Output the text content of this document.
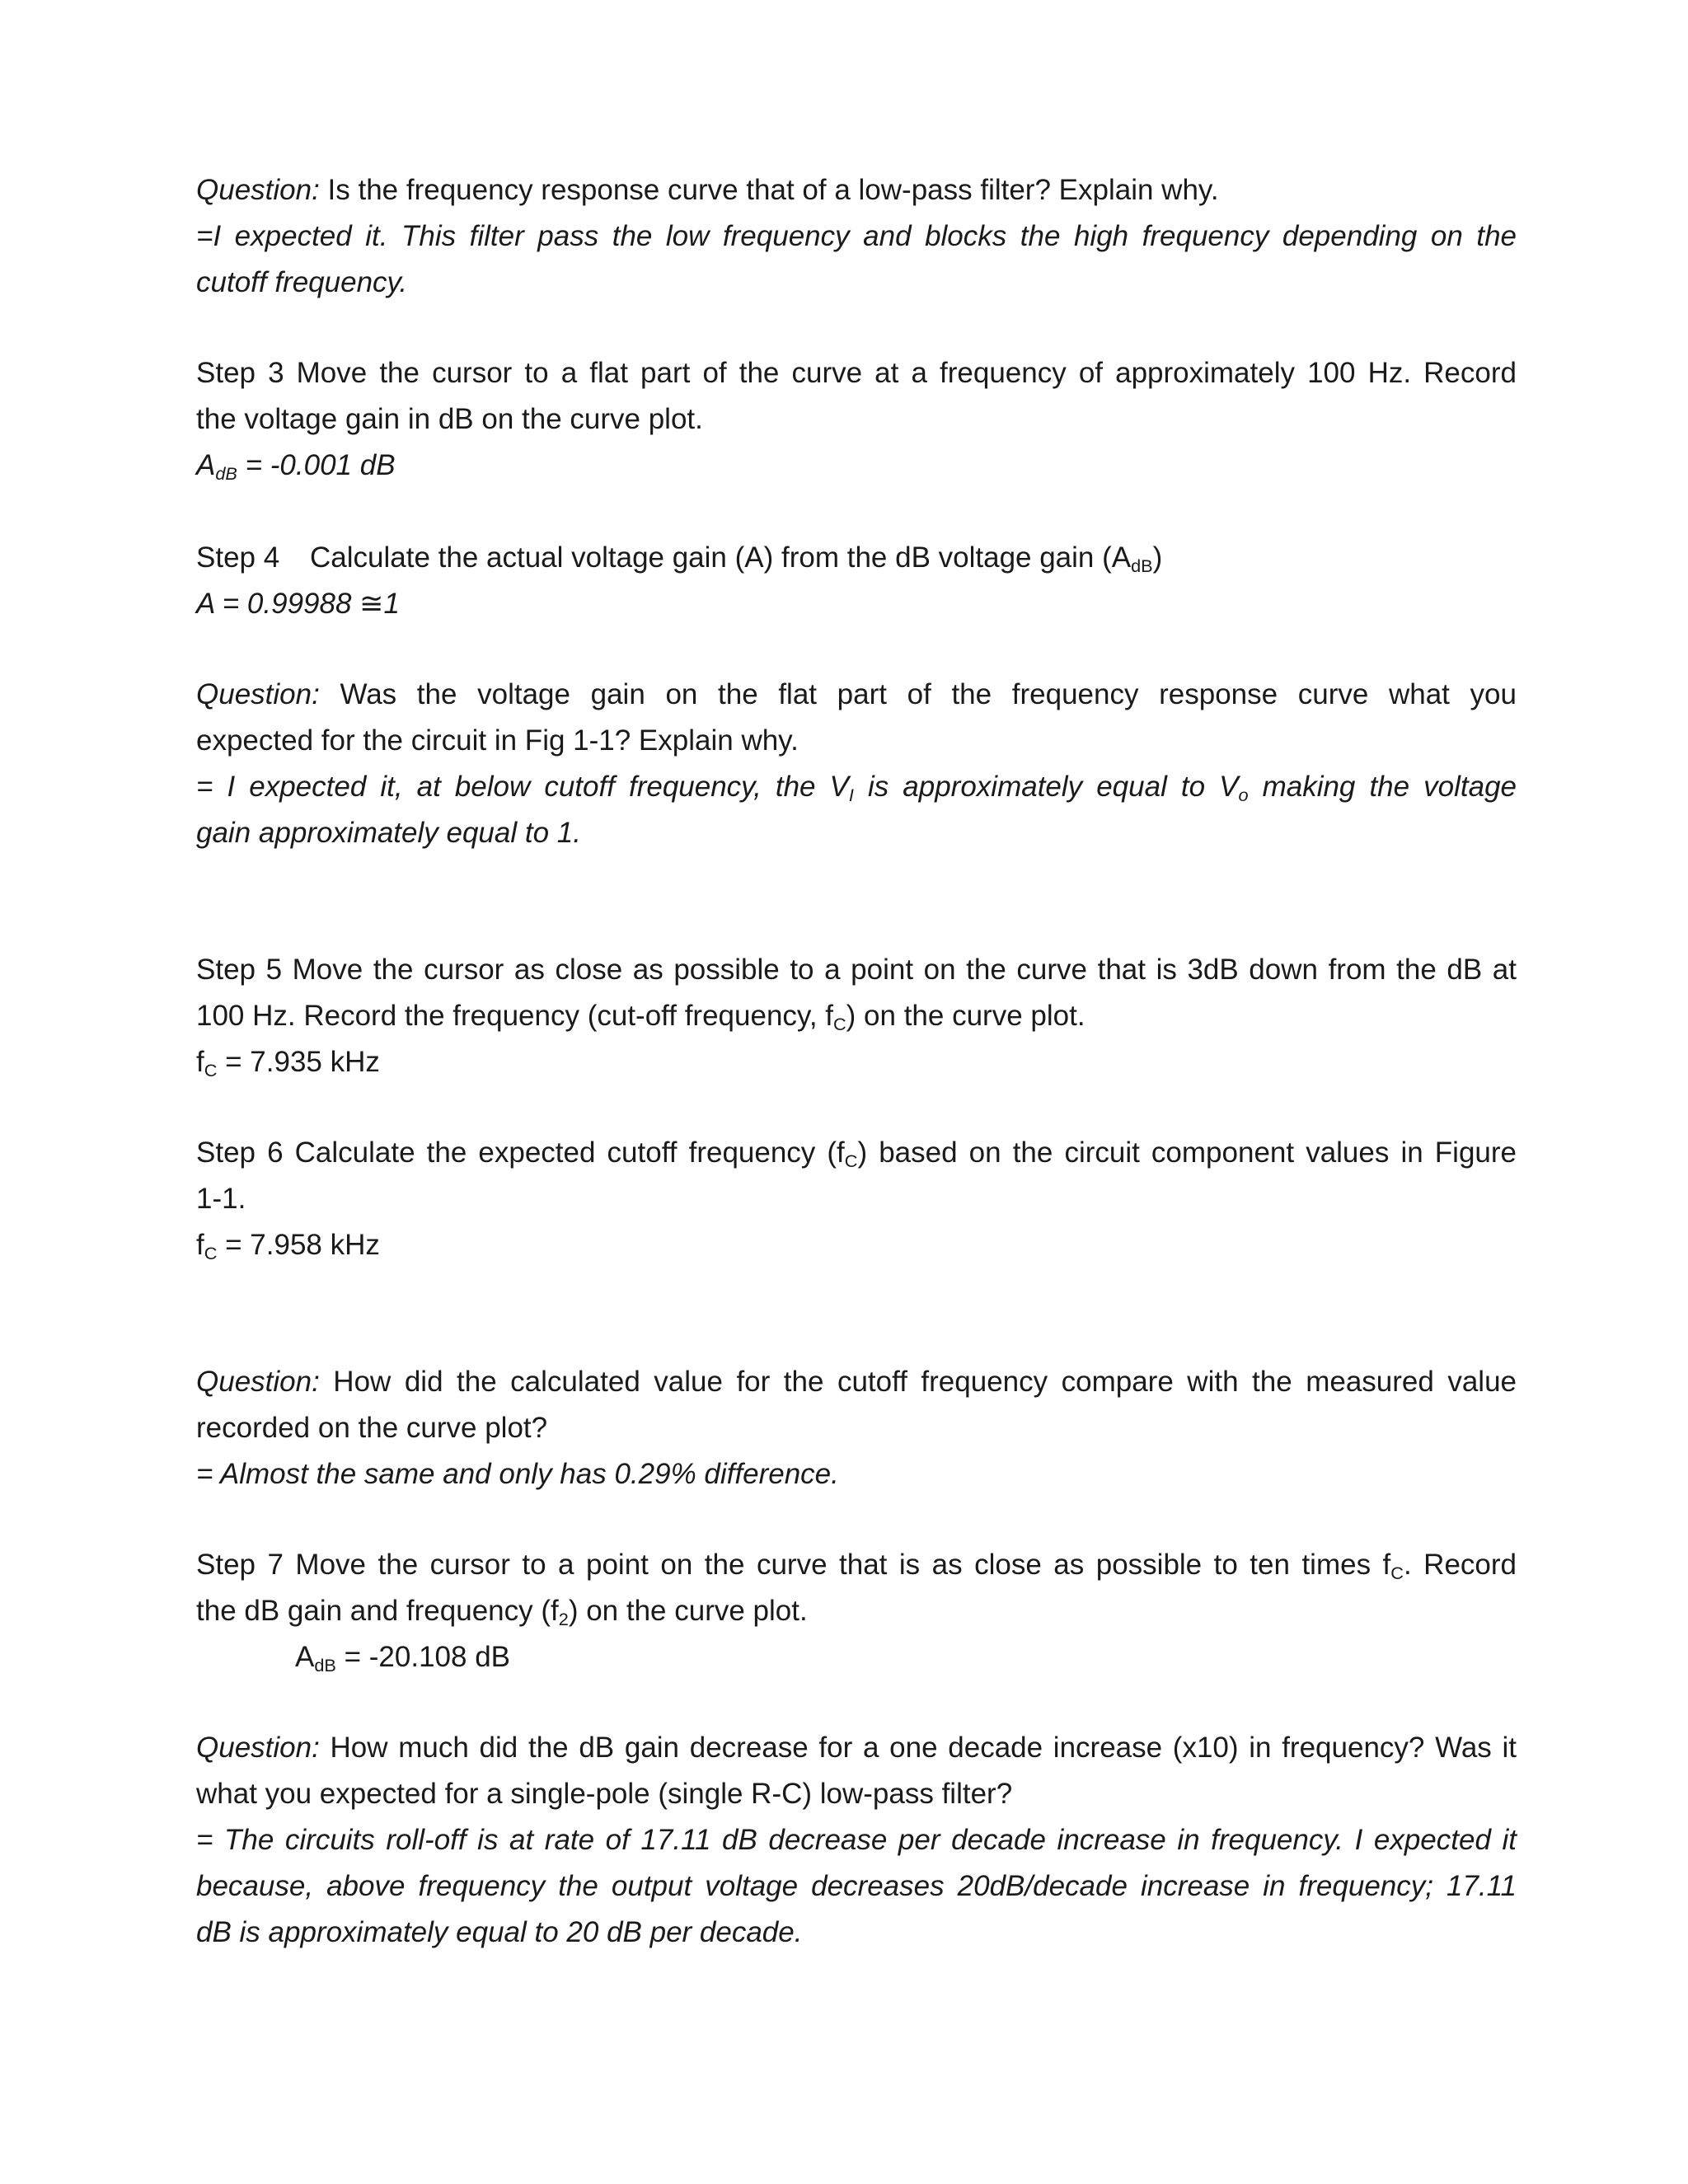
Question: Is the frequency response curve that of a low-pass filter? Explain why.
=I expected it. This filter pass the low frequency and blocks the high frequency depending on the
cutoff frequency.
Step 3 Move the cursor to a flat part of the curve at a frequency of approximately 100 Hz. Record
the voltage gain in dB on the curve plot.
$A_{dB} = -0.001$ dB
Step 4 Calculate the actual voltage gain (A) from the dB voltage gain $(A_{dB})$
A = 0.99988 ≅1
Question: Was the voltage gain on the flat part of the frequency response curve what you
expected for the circuit in Fig 1-1? Explain why.
= I expected it, at below cutoff frequency, the $V_I$ is approximately equal to $V_o$ making the voltage
gain approximately equal to 1.
Step 5 Move the cursor as close as possible to a point on the curve that is 3dB down from the dB at
100 Hz. Record the frequency (cut-off frequency, $f_C$) on the curve plot.
$f_C = 7.935$ kHz
Step 6 Calculate the expected cutoff frequency $(f_C)$ based on the circuit component values in Figure
1-1.
$f_C = 7.958$ kHz
Question: How did the calculated value for the cutoff frequency compare with the measured value
recorded on the curve plot?
= Almost the same and only has 0.29% difference.
Step 7 Move the cursor to a point on the curve that is as close as possible to ten times $f_C$. Record
the dB gain and frequency $(f_2)$ on the curve plot.
$A_{dB} = -20.108$ dB
Question: How much did the dB gain decrease for a one decade increase (x10) in frequency? Was it
what you expected for a single-pole (single R-C) low-pass filter?
= The circuits roll-off is at rate of 17.11 dB decrease per decade increase in frequency. I expected it
because, above frequency the output voltage decreases 20dB/decade increase in frequency; 17.11
dB is approximately equal to 20 dB per decade.
